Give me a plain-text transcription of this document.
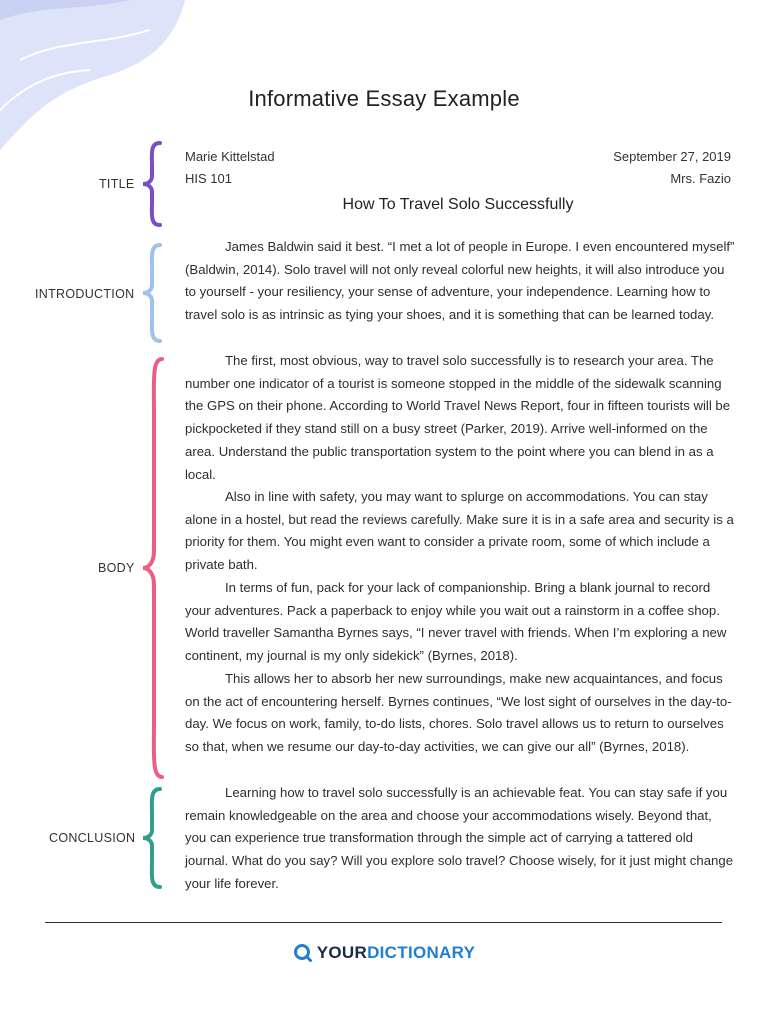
Informative Essay Example
TITLE
INTRODUCTION
BODY
CONCLUSION
Marie Kittelstad
HIS 101
September 27, 2019
Mrs. Fazio
How To Travel Solo Successfully

James Baldwin said it best. “I met a lot of people in Europe. I even encountered myself” (Baldwin, 2014). Solo travel will not only reveal colorful new heights, it will also introduce you to yourself - your resiliency, your sense of adventure, your independence. Learning how to travel solo is as intrinsic as tying your shoes, and it is something that can be learned today.

The first, most obvious, way to travel solo successfully is to research your area. The number one indicator of a tourist is someone stopped in the middle of the sidewalk scanning the GPS on their phone. According to World Travel News Report, four in fifteen tourists will be pickpocketed if they stand still on a busy street (Parker, 2019). Arrive well-informed on the area. Understand the public transportation system to the point where you can blend in as a local.

Also in line with safety, you may want to splurge on accommodations. You can stay alone in a hostel, but read the reviews carefully. Make sure it is in a safe area and security is a priority for them. You might even want to consider a private room, some of which include a private bath.

In terms of fun, pack for your lack of companionship. Bring a blank journal to record your adventures. Pack a paperback to enjoy while you wait out a rainstorm in a coffee shop. World traveller Samantha Byrnes says, “I never travel with friends. When I’m exploring a new continent, my journal is my only sidekick” (Byrnes, 2018).

This allows her to absorb her new surroundings, make new acquaintances, and focus on the act of encountering herself. Byrnes continues, “We lost sight of ourselves in the day-to-day. We focus on work, family, to-do lists, chores. Solo travel allows us to return to ourselves so that, when we resume our day-to-day activities, we can give our all” (Byrnes, 2018).

Learning how to travel solo successfully is an achievable feat. You can stay safe if you remain knowledgeable on the area and choose your accommodations wisely. Beyond that, you can experience true transformation through the simple act of carrying a tattered old journal. What do you say? Will you explore solo travel? Choose wisely, for it just might change your life forever.

YOURDICTIONARY
